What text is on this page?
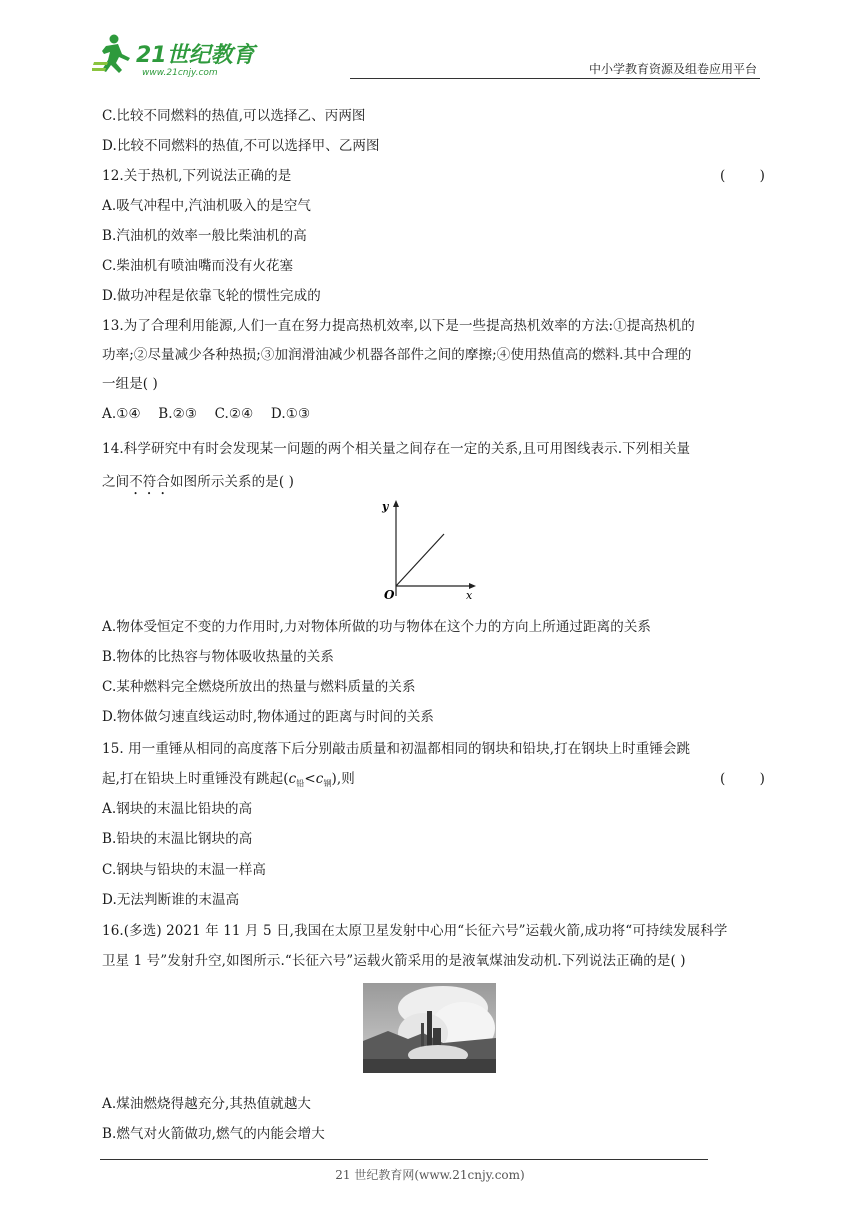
21世纪教育
www.21cnjy.com	中小学教育资源及组卷应用平台
C.比较不同燃料的热值,可以选择乙、丙两图
D.比较不同燃料的热值,不可以选择甲、乙两图
12.关于热机,下列说法正确的是	(        )
A.吸气冲程中,汽油机吸入的是空气
B.汽油机的效率一般比柴油机的高
C.柴油机有喷油嘴而没有火花塞
D.做功冲程是依靠飞轮的惯性完成的
13.为了合理利用能源,人们一直在努力提高热机效率,以下是一些提高热机效率的方法:①提高热机的
功率;②尽量减少各种热损;③加润滑油减少机器各部件之间的摩擦;④使用热值高的燃料.其中合理的
一组是( )
A.①④    B.②③    C.②④    D.①③
14.科学研究中有时会发现某一问题的两个相关量之间存在一定的关系,且可用图线表示.下列相关量
之间不符合如图所示关系的是( )
y
x
O
A.物体受恒定不变的力作用时,力对物体所做的功与物体在这个力的方向上所通过距离的关系
B.物体的比热容与物体吸收热量的关系
C.某种燃料完全燃烧所放出的热量与燃料质量的关系
D.物体做匀速直线运动时,物体通过的距离与时间的关系
15. 用一重锤从相同的高度落下后分别敲击质量和初温都相同的钢块和铅块,打在钢块上时重锤会跳
起,打在铅块上时重锤没有跳起$(c_铅<c_钢)$,则	(        )
A.钢块的末温比铅块的高
B.铅块的末温比钢块的高
C.钢块与铅块的末温一样高
D.无法判断谁的末温高
16.(多选) 2021 年 11 月 5 日,我国在太原卫星发射中心用“长征六号”运载火箭,成功将“可持续发展科学
卫星 1 号”发射升空,如图所示.“长征六号”运载火箭采用的是液氧煤油发动机.下列说法正确的是( )
A.煤油燃烧得越充分,其热值就越大
B.燃气对火箭做功,燃气的内能会增大
21 世纪教育网(www.21cnjy.com)
